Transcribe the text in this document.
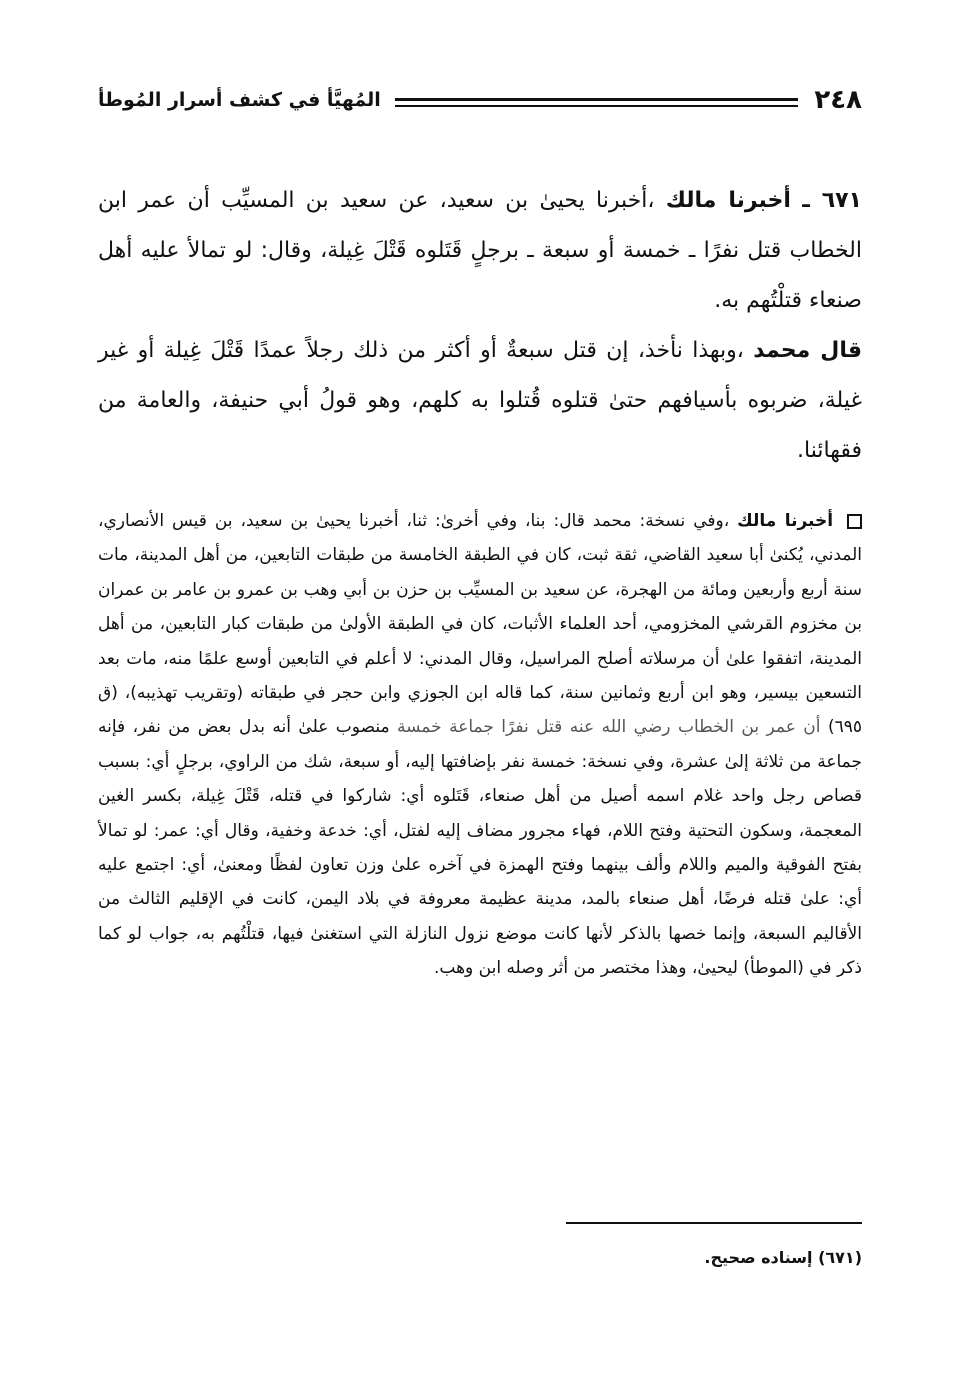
٢٤٨
المُهيَّأ في كشف أسرار المُوطأ

٦٧١ ـ أخبرنا مالك ،أخبرنا يحيىٰ بن سعيد، عن سعيد بن المسيِّب أن عمر ابن الخطاب قتل نفرًا ـ خمسة أو سبعة ـ برجلٍ قَتَلوه قَتْلَ غِيلة، وقال: لو تمالأ عليه أهل صنعاء قتلْتُهم به.

قال محمد ،وبهذا نأخذ، إن قتل سبعةٌ أو أكثر من ذلك رجلاً عمدًا قَتْلَ غِيلة أو غير غيلة، ضربوه بأسيافهم حتىٰ قتلوه قُتلوا به كلهم، وهو قولُ أبي حنيفة، والعامة من فقهائنا.

أخبرنا مالك ،وفي نسخة: محمد قال: بنا، وفي أخرىٰ: ثنا، أخبرنا يحيىٰ بن سعيد، بن قيس الأنصاري، المدني، يُكنىٰ أبا سعيد القاضي، ثقة ثبت، كان في الطبقة الخامسة من طبقات التابعين، من أهل المدينة، مات سنة أربع وأربعين ومائة من الهجرة، عن سعيد بن المسيِّب بن حزن بن أبي وهب بن عمرو بن عامر بن عمران بن مخزوم القرشي المخزومي، أحد العلماء الأثبات، كان في الطبقة الأولىٰ من طبقات كبار التابعين، من أهل المدينة، اتفقوا علىٰ أن مرسلاته أصلح المراسيل، وقال المدني: لا أعلم في التابعين أوسع علمًا منه، مات بعد التسعين بيسير، وهو ابن أربع وثمانين سنة، كما قاله ابن الجوزي وابن حجر في طبقاته (وتقريب تهذيبه)، (ق ٦٩٥) أن عمر بن الخطاب رضي الله عنه قتل نفرًا جماعة خمسة منصوب علىٰ أنه بدل بعض من نفر، فإنه جماعة من ثلاثة إلىٰ عشرة، وفي نسخة: خمسة نفر بإضافتها إليه، أو سبعة، شك من الراوي، برجلٍ أي: بسبب قصاص رجل واحد غلام اسمه أصيل من أهل صنعاء، قَتَلوه أي: شاركوا في قتله، قَتْلَ غِيلة، بكسر الغين المعجمة، وسكون التحتية وفتح اللام، فهاء مجرور مضاف إليه لفتل، أي: خدعة وخفية، وقال أي: عمر: لو تمالأ بفتح الفوقية والميم واللام وألف بينهما وفتح الهمزة في آخره علىٰ وزن تعاون لفظًا ومعنىٰ، أي: اجتمع عليه أي: علىٰ قتله فرضًا، أهل صنعاء بالمد، مدينة عظيمة معروفة في بلاد اليمن، كانت في الإقليم الثالث من الأقاليم السبعة، وإنما خصها بالذكر لأنها كانت موضع نزول النازلة التي استغنىٰ فيها، قتلْتُهم به، جواب لو كما ذكر في (الموطأ) ليحيىٰ، وهذا مختصر من أثر وصله ابن وهب.

(٦٧١) إسناده صحيح.
